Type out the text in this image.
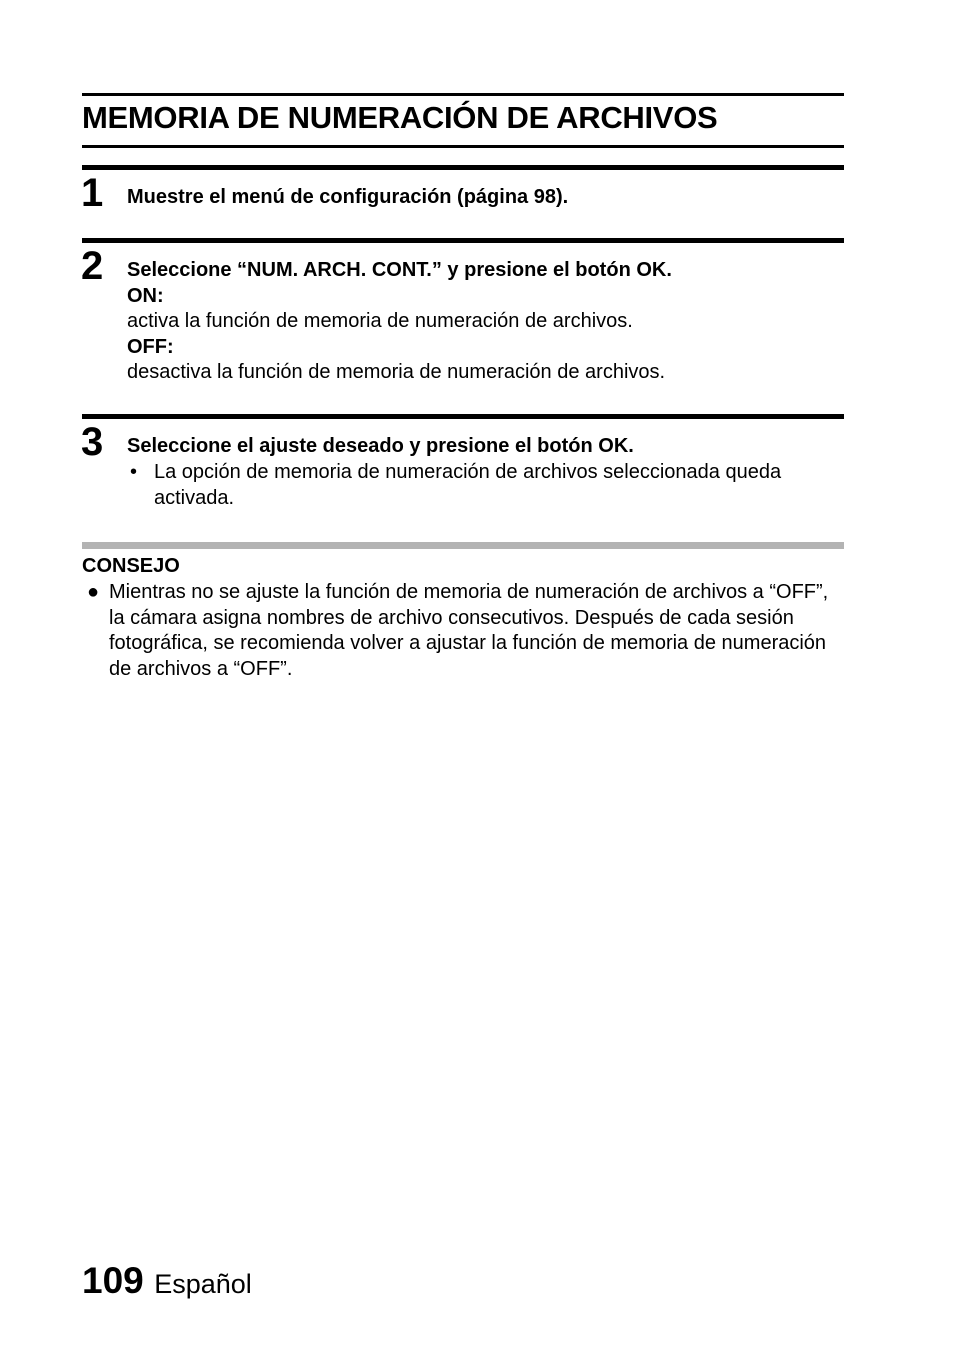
MEMORIA DE NUMERACIÓN DE ARCHIVOS
1 Muestre el menú de configuración (página 98).
2 Seleccione “NUM. ARCH. CONT.” y presione el botón OK.
ON:
activa la función de memoria de numeración de archivos.
OFF:
desactiva la función de memoria de numeración de archivos.
3 Seleccione el ajuste deseado y presione el botón OK.
• La opción de memoria de numeración de archivos seleccionada queda activada.
CONSEJO
● Mientras no se ajuste la función de memoria de numeración de archivos a “OFF”, la cámara asigna nombres de archivo consecutivos. Después de cada sesión fotográfica, se recomienda volver a ajustar la función de memoria de numeración de archivos a “OFF”.
109 Español
